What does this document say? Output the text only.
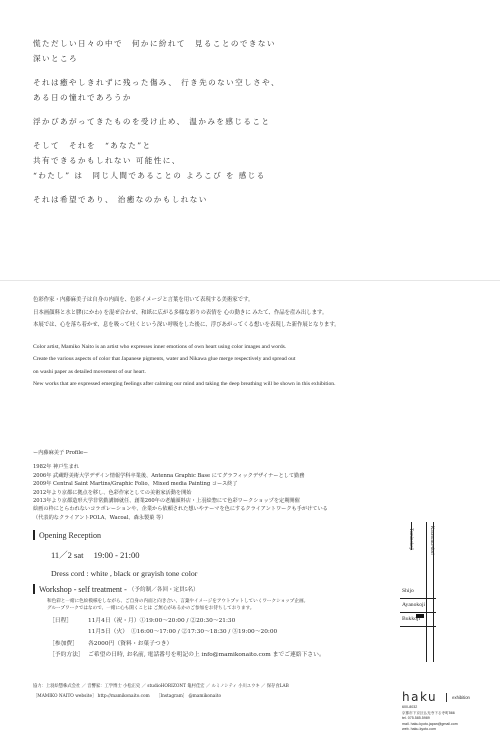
慌ただしい日々の中で　何かに紛れて　見ることのできない
深いところ
それは癒やしきれずに残った傷み、 行き先のない空しさや、
ある日の憧れであろうか
浮かびあがってきたものを受け止め、 温かみを感じること
そして　それを　“あなた”と
共有できるかもしれない 可能性に、
“わたし” は　同じ人間であることの よろこび を 感じる
それは希望であり、 治癒なのかもしれない
色彩作家・内藤麻美子は自身の内面を、色彩イメージと言葉を用いて表現する美術家です。
日本画顔料と水と膠(にかわ) を混ぜ合わせ、和紙に広がる多様な彩りの表情を 心の動きに みたて、作品を産み出します。
本展では、心を落ち着かせ、息を吸って吐くという深い呼吸をした後に、浮びあがってくる想いを表現した新作展となります。
Color artist, Mamiko Naito is an artist who expresses inner emotions of own heart using color images and words.
Create the various aspects of color that Japanese pigments, water and Nikawa glue merge respectively and spread out
on washi paper as detailed movement of our heart.
New works that are expressed emerging feelings after calming our mind and taking the deep breathing will be shown in this exhibition.
ー内藤麻美子 Profileー
1982年 神戸生まれ
2006年 武蔵野美術大学デザイン情報学科卒業後、Antenna Graphic Base にてグラフィックデザイナーとして勤務
2009年 Central Saint Martins/Graphic Folio、Mixed media Painting コース終了
2012年より京都に拠点を移し、色彩作家としての美術家活動を開始
2013年より京都造形大学非常勤講師就任、創業260年の老舗顔料店・上羽絵惣にて色彩ワークショップを定期開催
絵画の枠にとらわれないコラボレーションや、企業から依頼された想いやテーマを色にするクライアントワークも手がけている
（代表的なクライアントPOLA、Wacoal、森永製菓 等）
Opening Reception
11／2 sat 19:00 - 21:00
Dress cord : white , black or grayish tone color
Workshop - self treatment - （予約制／各回・定員5名）
和色彩と一緒に色絵模様をしながら、ご自身の内面と向き合い、言葉やイメージをアウトプットしていくワークショップ企画。
グループワークではなので、一緒に心も開くことは ご無心があるかのご参加をお待ちしております。
［日程］	11月4日（祝・月）①19:00〜20:00 / ②20:30〜21:30
11月5日（火）　①16:00〜17:00 / ②17:30〜18:30 / ③19:00〜20:00
［参加費］ 各2000円（資料・お菓子つき）
［予約方法］ ご希望の日時, お名前, 電話番号を明記の上 info@mamikonaito.com までご連絡下さい。
協力：上羽絵惣株式会社 ／ 音響家：工学博士 小松正史 ／ studioHORIZONT 亀村佳宏 ／ ルミノシティ 小川ユウキ ／ 保存食LAB
［MAMIKO NAITO website］ http://mamikonaito.com　　［Instagram］ @mamikonaito
Karasuma-dori
Shijo
Ayanokoji
Bukkoji
haku	exhibition
600-8032
京都市下京区仏光寺下る寺町566
tel. 075.585.5989
mail. haku.kyoto.japan@gmail.com
web. haku-kyoto.com
